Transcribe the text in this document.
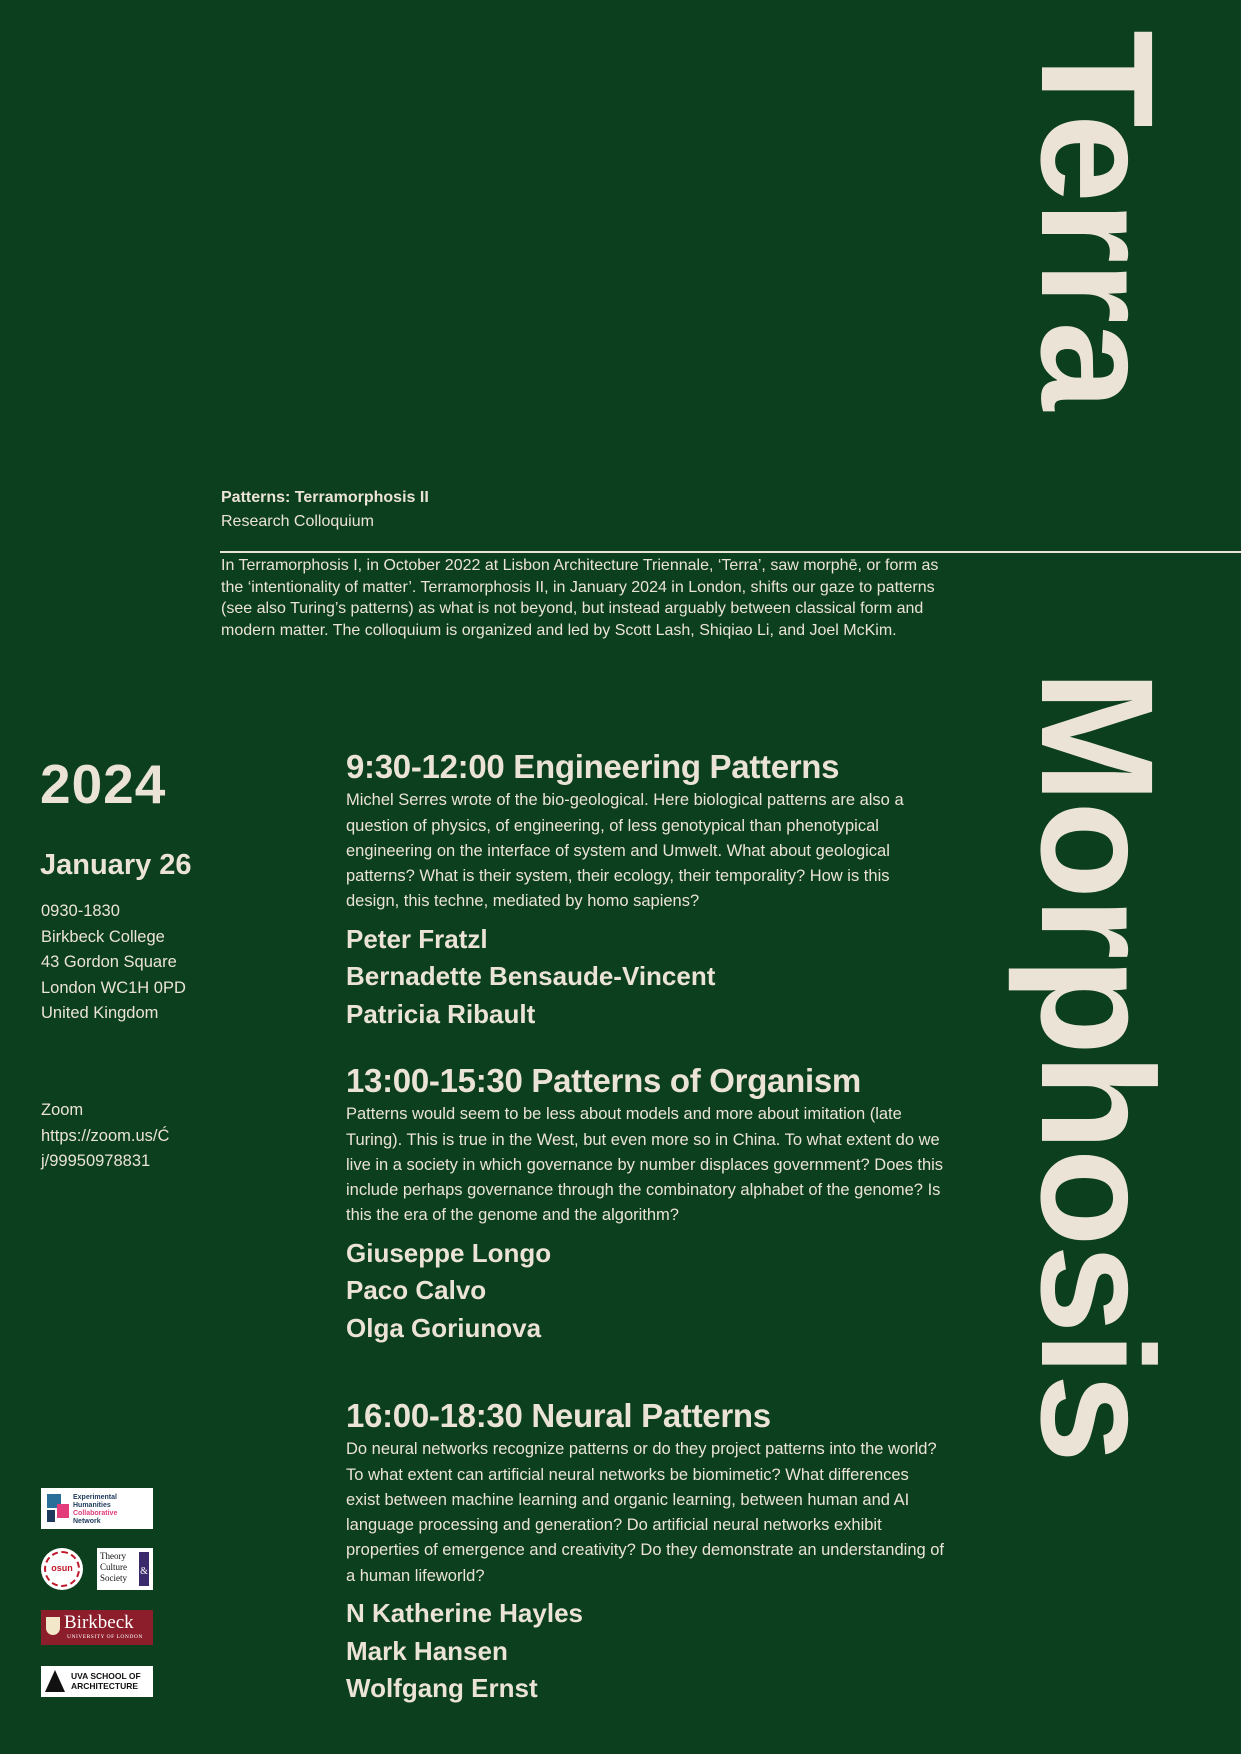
Terra
Morphosis
Patterns: Terramorphosis II
Research Colloquium
In Terramorphosis I, in October 2022 at Lisbon Architecture Triennale, ‘Terra’, saw morphē, or form as the ‘intentionality of matter’. Terramorphosis II, in January 2024 in London, shifts our gaze to patterns (see also Turing’s patterns) as what is not beyond, but instead arguably between classical form and modern matter. The colloquium is organized and led by Scott Lash, Shiqiao Li, and Joel McKim.
2024
January 26
0930-1830
Birkbeck College
43 Gordon Square
London WC1H 0PD
United Kingdom
Zoom
https://zoom.us/Ć
j/99950978831
9:30-12:00 Engineering Patterns
Michel Serres wrote of the bio-geological. Here biological patterns are also a question of physics, of engineering, of less genotypical than phenotypical engineering on the interface of system and Umwelt. What about geological patterns? What is their system, their ecology, their temporality? How is this design, this techne, mediated by homo sapiens?
Peter Fratzl
Bernadette Bensaude-Vincent
Patricia Ribault
13:00-15:30 Patterns of Organism
Patterns would seem to be less about models and more about imitation (late Turing). This is true in the West, but even more so in China. To what extent do we live in a society in which governance by number displaces government? Does this include perhaps governance through the combinatory alphabet of the genome? Is this the era of the genome and the algorithm?
Giuseppe Longo
Paco Calvo
Olga Goriunova
16:00-18:30 Neural Patterns
Do neural networks recognize patterns or do they project patterns into the world? To what extent can artificial neural networks be biomimetic? What differences exist between machine learning and organic learning, between human and AI language processing and generation? Do artificial neural networks exhibit properties of emergence and creativity? Do they demonstrate an understanding of a human lifeworld?
N Katherine Hayles
Mark Hansen
Wolfgang Ernst
Experimental
Humanities
Collaborative
Network
osun
Theory
Culture
Society
&
Birkbeck
UNIVERSITY OF LONDON
UVA SCHOOL OF
ARCHITECTURE
